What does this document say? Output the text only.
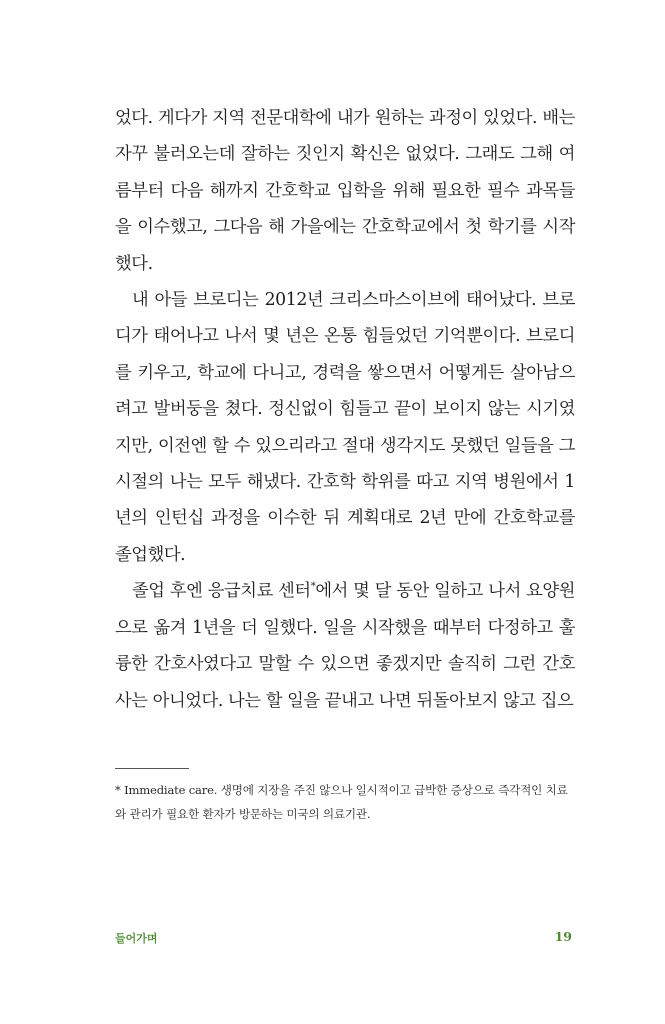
었다. 게다가 지역 전문대학에 내가 원하는 과정이 있었다. 배는 자꾸 불러오는데 잘하는 짓인지 확신은 없었다. 그래도 그해 여름부터 다음 해까지 간호학교 입학을 위해 필요한 필수 과목들을 이수했고, 그다음 해 가을에는 간호학교에서 첫 학기를 시작했다.

내 아들 브로디는 2012년 크리스마스이브에 태어났다. 브로디가 태어나고 나서 몇 년은 온통 힘들었던 기억뿐이다. 브로디를 키우고, 학교에 다니고, 경력을 쌓으면서 어떻게든 살아남으려고 발버둥을 쳤다. 정신없이 힘들고 끝이 보이지 않는 시기였지만, 이전엔 할 수 있으리라고 절대 생각지도 못했던 일들을 그 시절의 나는 모두 해냈다. 간호학 학위를 따고 지역 병원에서 1년의 인턴십 과정을 이수한 뒤 계획대로 2년 만에 간호학교를 졸업했다.

졸업 후엔 응급치료 센터*에서 몇 달 동안 일하고 나서 요양원으로 옮겨 1년을 더 일했다. 일을 시작했을 때부터 다정하고 훌륭한 간호사였다고 말할 수 있으면 좋겠지만 솔직히 그런 간호사는 아니었다. 나는 할 일을 끝내고 나면 뒤돌아보지 않고 집으

* Immediate care. 생명에 지장을 주진 않으나 일시적이고 급박한 증상으로 즉각적인 치료와 관리가 필요한 환자가 방문하는 미국의 의료기관.

들어가며	19
